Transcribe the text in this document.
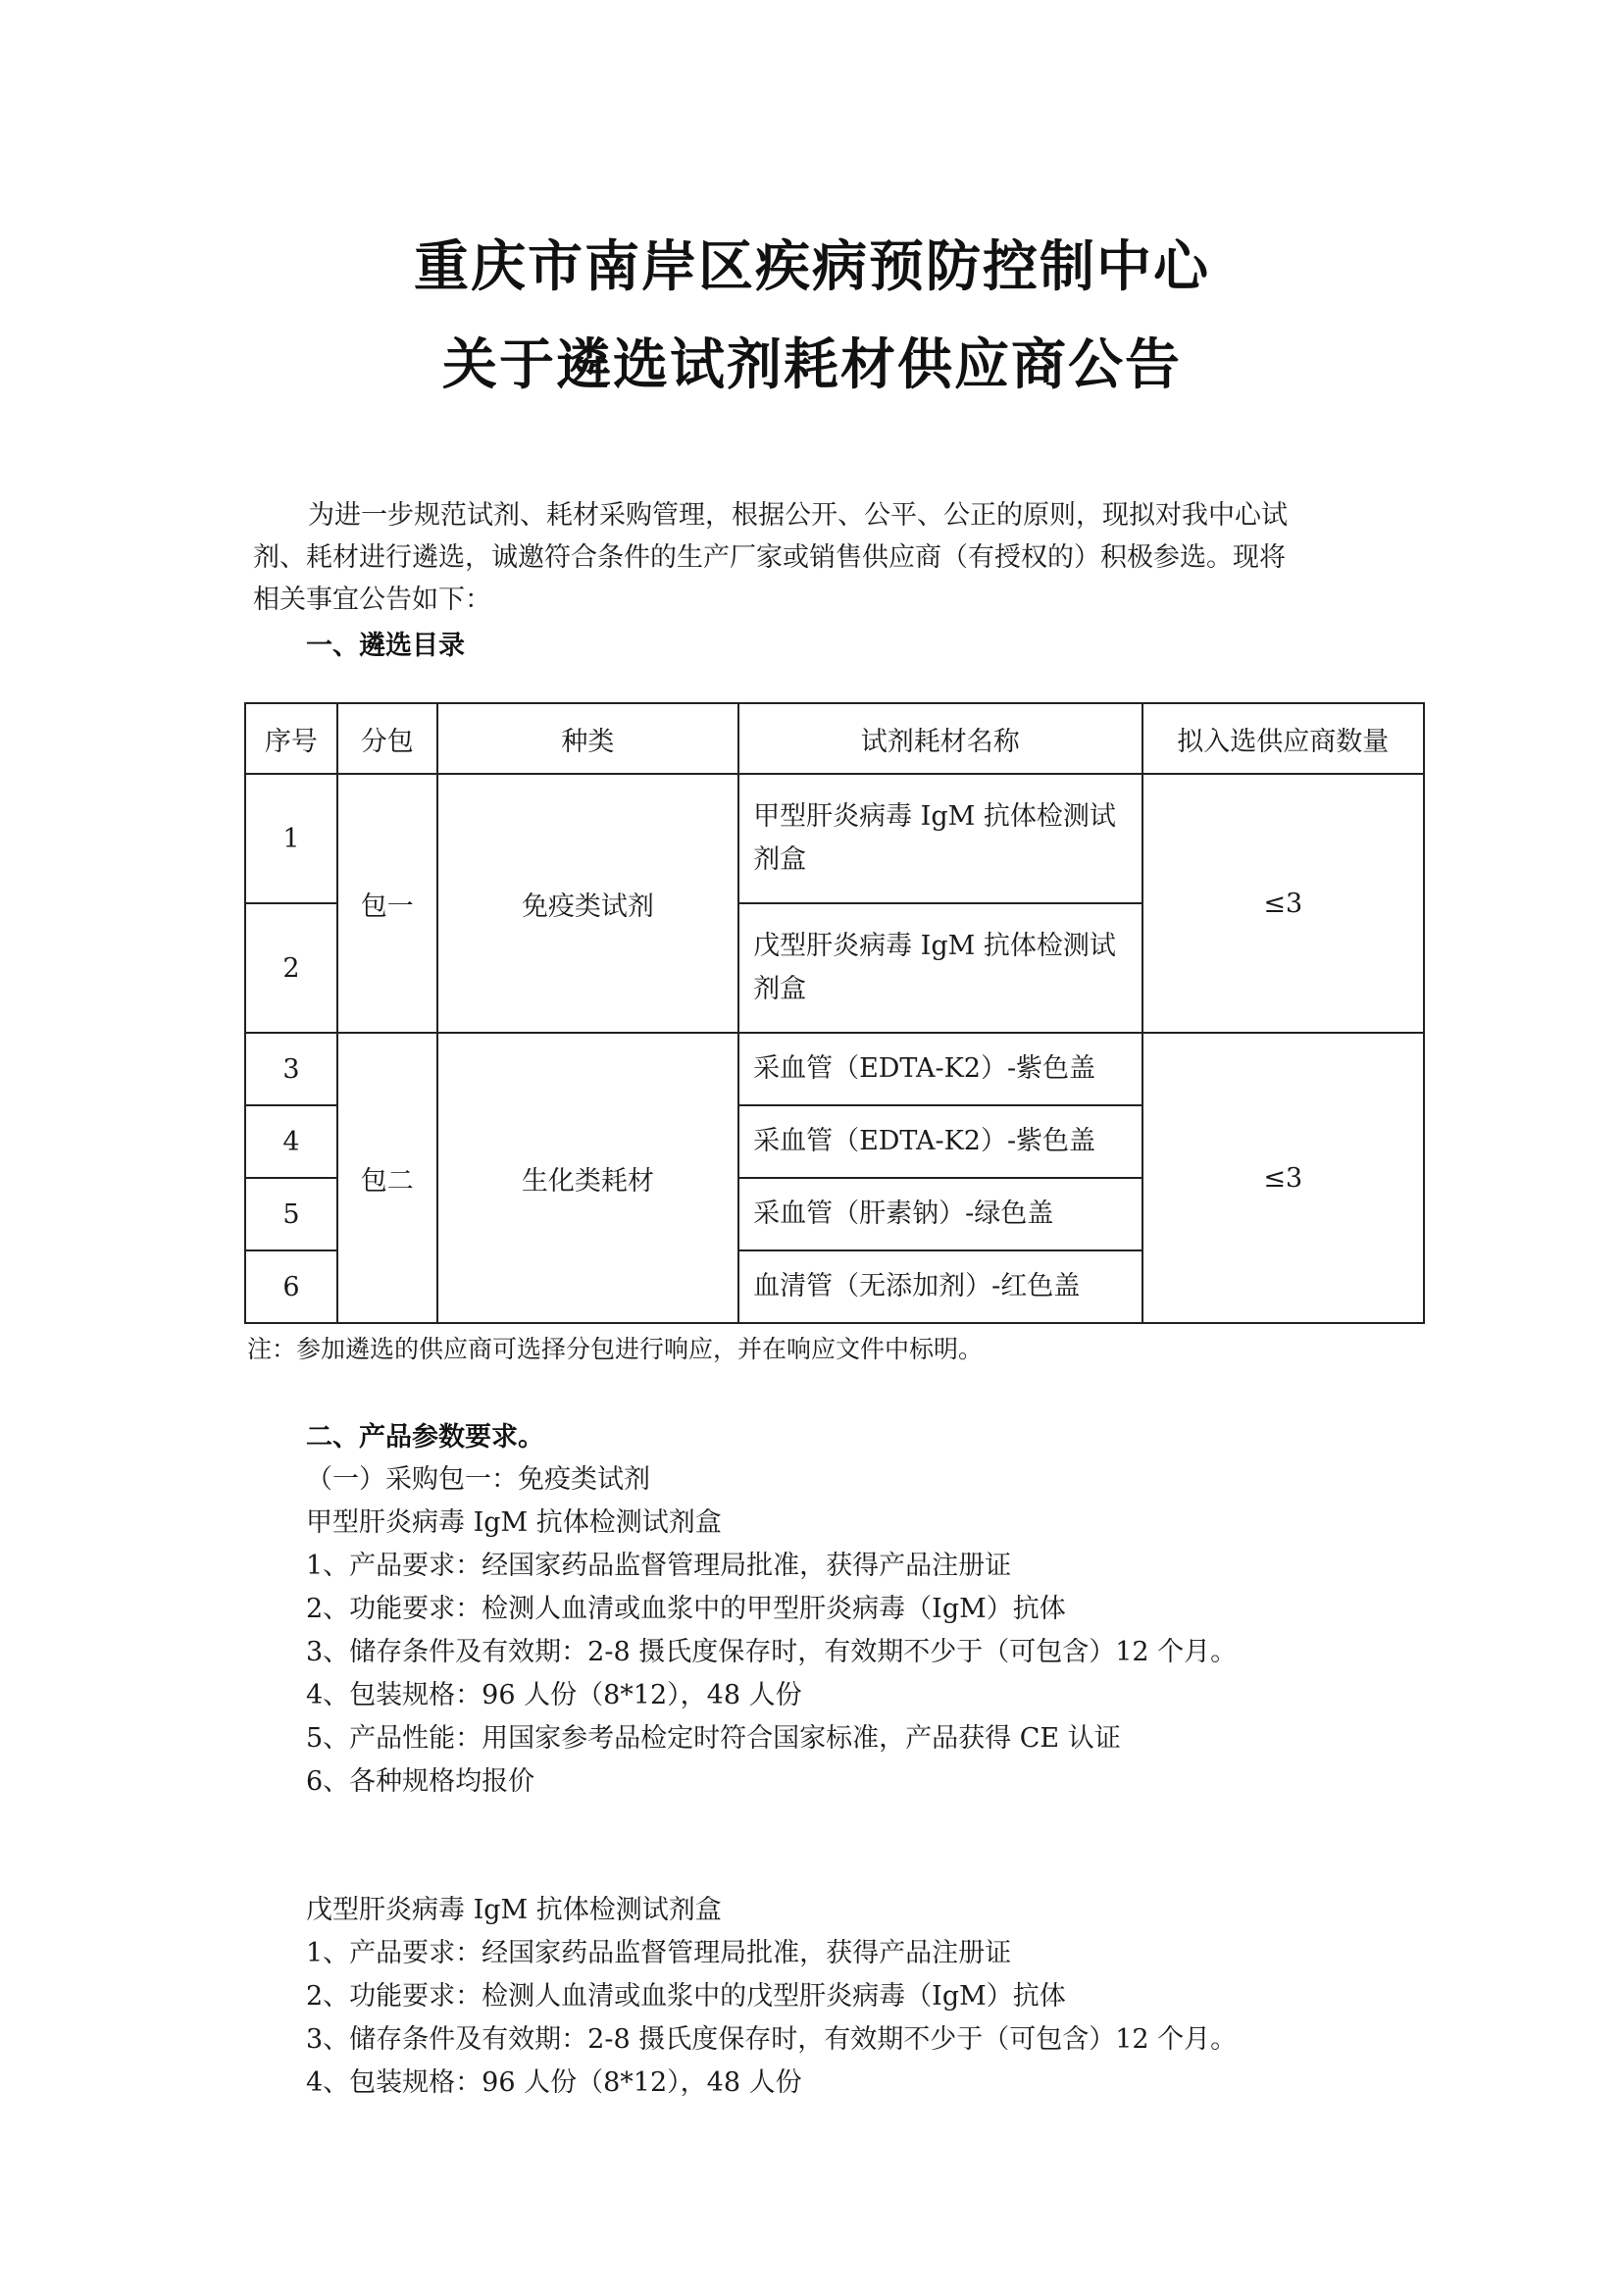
重庆市南岸区疾病预防控制中心
关于遴选试剂耗材供应商公告
为进一步规范试剂、耗材采购管理，根据公开、公平、公正的原则，现拟对我中心试
剂、耗材进行遴选，诚邀符合条件的生产厂家或销售供应商（有授权的）积极参选。现将
相关事宜公告如下：
一、遴选目录
序号	分包	种类	试剂耗材名称	拟入选供应商数量
1	包一	免疫类试剂	甲型肝炎病毒 IgM 抗体检测试剂盒	≤3
2			戊型肝炎病毒 IgM 抗体检测试剂盒	
3	包二	生化类耗材	采血管（EDTA-K2）-紫色盖	≤3
4			采血管（EDTA-K2）-紫色盖	
5			采血管（肝素钠）-绿色盖	
6			血清管（无添加剂）-红色盖	
注：参加遴选的供应商可选择分包进行响应，并在响应文件中标明。
二、产品参数要求。
（一）采购包一：免疫类试剂
甲型肝炎病毒 IgM 抗体检测试剂盒
1、产品要求：经国家药品监督管理局批准，获得产品注册证
2、功能要求：检测人血清或血浆中的甲型肝炎病毒（IgM）抗体
3、储存条件及有效期：2-8 摄氏度保存时，有效期不少于（可包含）12 个月。
4、包装规格：96 人份（8*12），48 人份
5、产品性能：用国家参考品检定时符合国家标准，产品获得 CE 认证
6、各种规格均报价
戊型肝炎病毒 IgM 抗体检测试剂盒
1、产品要求：经国家药品监督管理局批准，获得产品注册证
2、功能要求：检测人血清或血浆中的戊型肝炎病毒（IgM）抗体
3、储存条件及有效期：2-8 摄氏度保存时，有效期不少于（可包含）12 个月。
4、包装规格：96 人份（8*12），48 人份
